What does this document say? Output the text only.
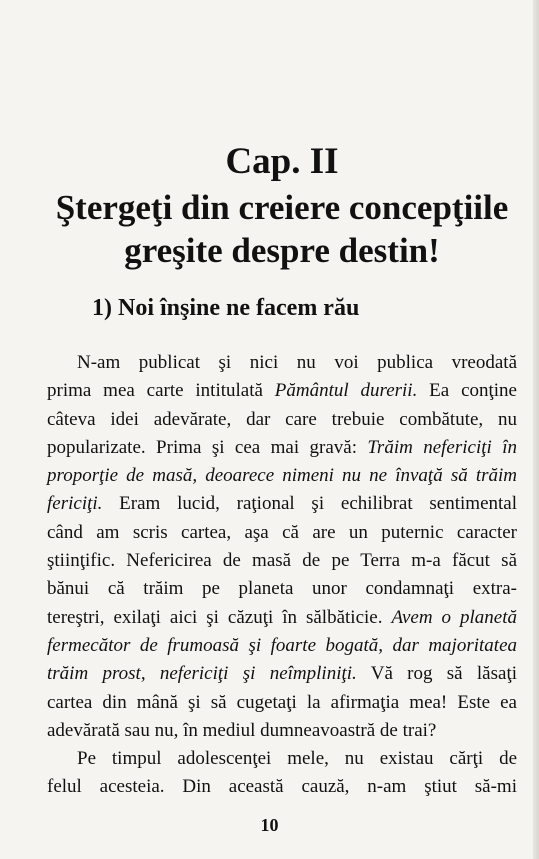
Cap. II
Ştergeţi din creiere concepţiile
greşite despre destin!
1) Noi înşine ne facem rău
N-am publicat şi nici nu voi publica vreodată
prima mea carte intitulată Pământul durerii. Ea conţine
câteva idei adevărate, dar care trebuie combătute, nu
popularizate. Prima şi cea mai gravă: Trăim nefericiţi în
proporţie de masă, deoarece nimeni nu ne învaţă să trăim
fericiţi. Eram lucid, raţional şi echilibrat sentimental
când am scris cartea, aşa că are un puternic caracter
ştiinţific. Nefericirea de masă de pe Terra m-a făcut să
bănui că trăim pe planeta unor condamnaţi extra-
tereştri, exilaţi aici şi căzuţi în sălbăticie. Avem o planetă
fermecător de frumoasă şi foarte bogată, dar majoritatea
trăim prost, nefericiţi şi neîmpliniţi. Vă rog să lăsaţi
cartea din mână şi să cugetaţi la afirmaţia mea! Este ea
adevărată sau nu, în mediul dumneavoastră de trai?
Pe timpul adolescenţei mele, nu existau cărţi de
felul acesteia. Din această cauză, n-am ştiut să-mi
10
